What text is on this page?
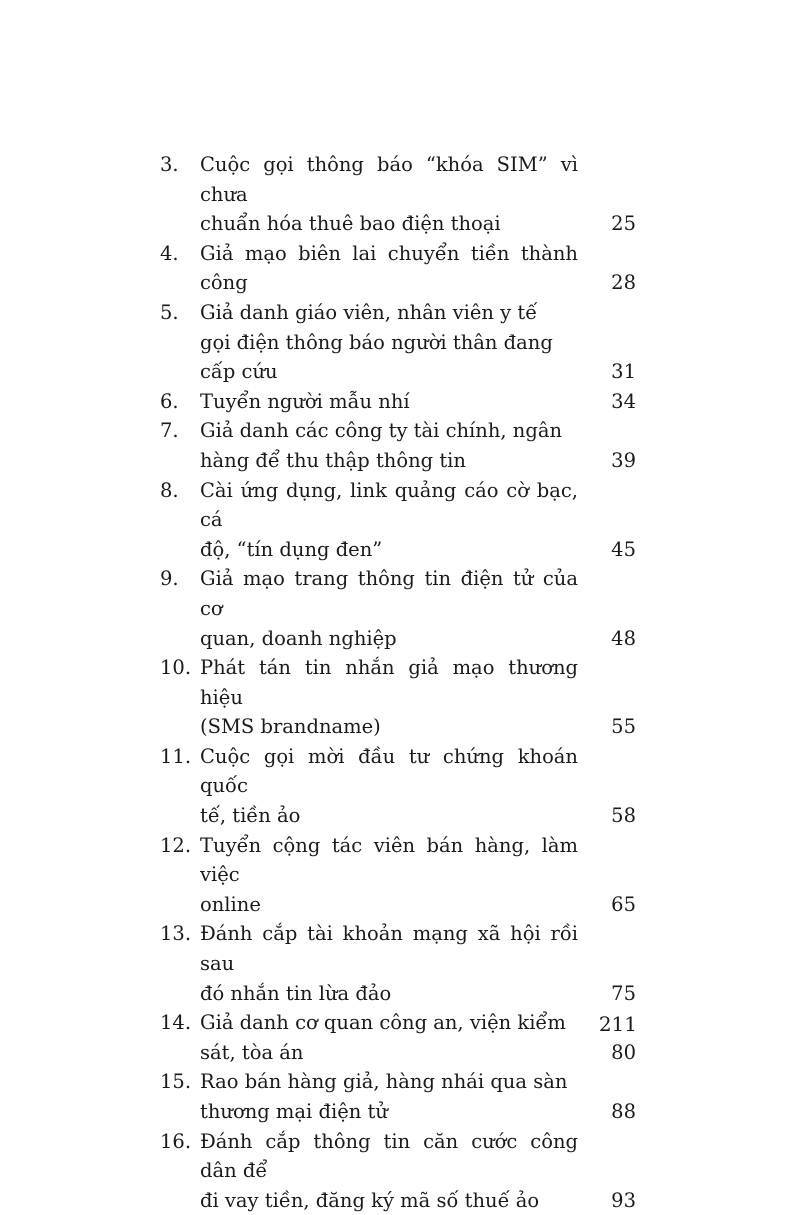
3.	Cuộc gọi thông báo “khóa SIM” vì chưa
chuẩn hóa thuê bao điện thoại	25
4.	Giả mạo biên lai chuyển tiền thành công	28
5.	Giả danh giáo viên, nhân viên y tế
gọi điện thông báo người thân đang
cấp cứu	31
6.	Tuyển người mẫu nhí	34
7.	Giả danh các công ty tài chính, ngân
hàng để thu thập thông tin	39
8.	Cài ứng dụng, link quảng cáo cờ bạc, cá
độ, “tín dụng đen”	45
9.	Giả mạo trang thông tin điện tử của cơ
quan, doanh nghiệp	48
10. Phát tán tin nhắn giả mạo thương hiệu
(SMS brandname)	55
11. Cuộc gọi mời đầu tư chứng khoán quốc
tế, tiền ảo	58
12. Tuyển cộng tác viên bán hàng, làm việc
online	65
13. Đánh cắp tài khoản mạng xã hội rồi sau
đó nhắn tin lừa đảo	75
14. Giả danh cơ quan công an, viện kiểm
sát, tòa án	80
15. Rao bán hàng giả, hàng nhái qua sàn
thương mại điện tử	88
16. Đánh cắp thông tin căn cước công dân để
đi vay tiền, đăng ký mã số thuế ảo	93
211
